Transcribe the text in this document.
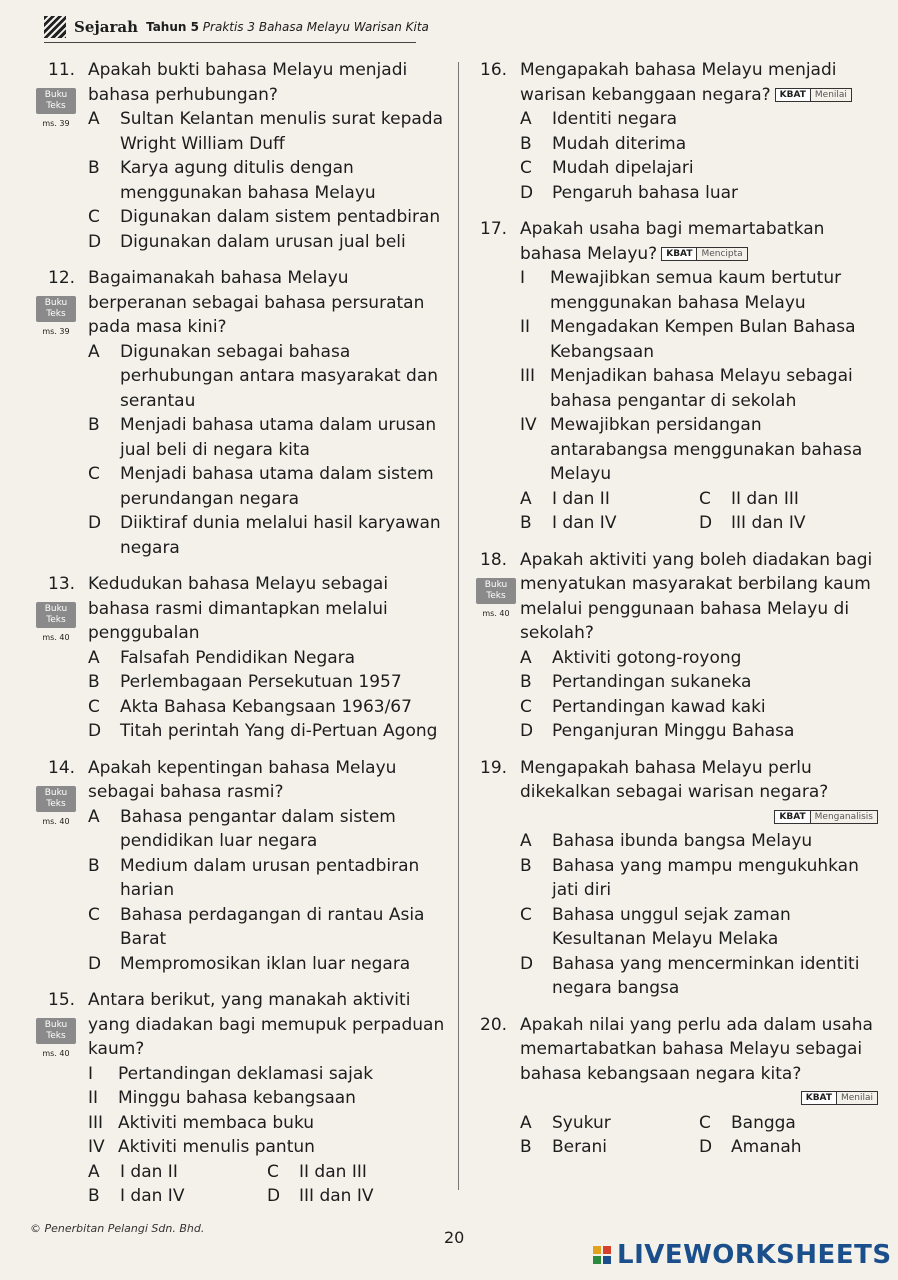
Sejarah Tahun 5 Praktis 3 Bahasa Melayu Warisan Kita
11. Apakah bukti bahasa Melayu menjadi bahasa perhubungan?
Buku
Teks
ms. 39	A Sultan Kelantan menulis surat kepada Wright William Duff
B Karya agung ditulis dengan menggunakan bahasa Melayu
C Digunakan dalam sistem pentadbiran
D Digunakan dalam urusan jual beli
12. Bagaimanakah bahasa Melayu berperanan sebagai bahasa persuratan pada masa kini?
Buku
Teks
ms. 39
A Digunakan sebagai bahasa perhubungan antara masyarakat dan serantau
B Menjadi bahasa utama dalam urusan jual beli di negara kita
C Menjadi bahasa utama dalam sistem perundangan negara
D Diiktiraf dunia melalui hasil karyawan negara
13. Kedudukan bahasa Melayu sebagai bahasa rasmi dimantapkan melalui penggubalan
Buku
Teks
ms. 40
A Falsafah Pendidikan Negara
B Perlembagaan Persekutuan 1957
C Akta Bahasa Kebangsaan 1963/67
D Titah perintah Yang di-Pertuan Agong
14. Apakah kepentingan bahasa Melayu sebagai bahasa rasmi?
Buku
Teks
ms. 40	A Bahasa pengantar dalam sistem pendidikan luar negara
B Medium dalam urusan pentadbiran harian
C Bahasa perdagangan di rantau Asia Barat
D Mempromosikan iklan luar negara
15. Antara berikut, yang manakah aktiviti yang diadakan bagi memupuk perpaduan kaum?
Buku
Teks
ms. 40
I Pertandingan deklamasi sajak
II Minggu bahasa kebangsaan
III Aktiviti membaca buku
IV Aktiviti menulis pantun
A I dan II	C II dan III
B I dan IV	D III dan IV
16. Mengapakah bahasa Melayu menjadi warisan kebanggaan negara?	KBAT	Menilai
A Identiti negara
B Mudah diterima
C Mudah dipelajari
D Pengaruh bahasa luar
17. Apakah usaha bagi memartabatkan bahasa Melayu?	KBAT	Mencipta
I Mewajibkan semua kaum bertutur menggunakan bahasa Melayu
II Mengadakan Kempen Bulan Bahasa Kebangsaan
III Menjadikan bahasa Melayu sebagai bahasa pengantar di sekolah
IV Mewajibkan persidangan antarabangsa menggunakan bahasa Melayu
A I dan II	C II dan III
B I dan IV	D III dan IV
18. Apakah aktiviti yang boleh diadakan bagi menyatukan masyarakat berbilang kaum melalui penggunaan bahasa Melayu di sekolah?
Buku
Teks
ms. 40
A Aktiviti gotong-royong
B Pertandingan sukaneka
C Pertandingan kawad kaki
D Penganjuran Minggu Bahasa
19. Mengapakah bahasa Melayu perlu dikekalkan sebagai warisan negara?
KBAT	Menganalisis
A Bahasa ibunda bangsa Melayu
B Bahasa yang mampu mengukuhkan jati diri
C Bahasa unggul sejak zaman Kesultanan Melayu Melaka
D Bahasa yang mencerminkan identiti negara bangsa
20. Apakah nilai yang perlu ada dalam usaha memartabatkan bahasa Melayu sebagai bahasa kebangsaan negara kita?
KBAT	Menilai
A Syukur	C Bangga
B Berani	D Amanah
© Penerbitan Pelangi Sdn. Bhd.	20
LIVEWORKSHEETS
